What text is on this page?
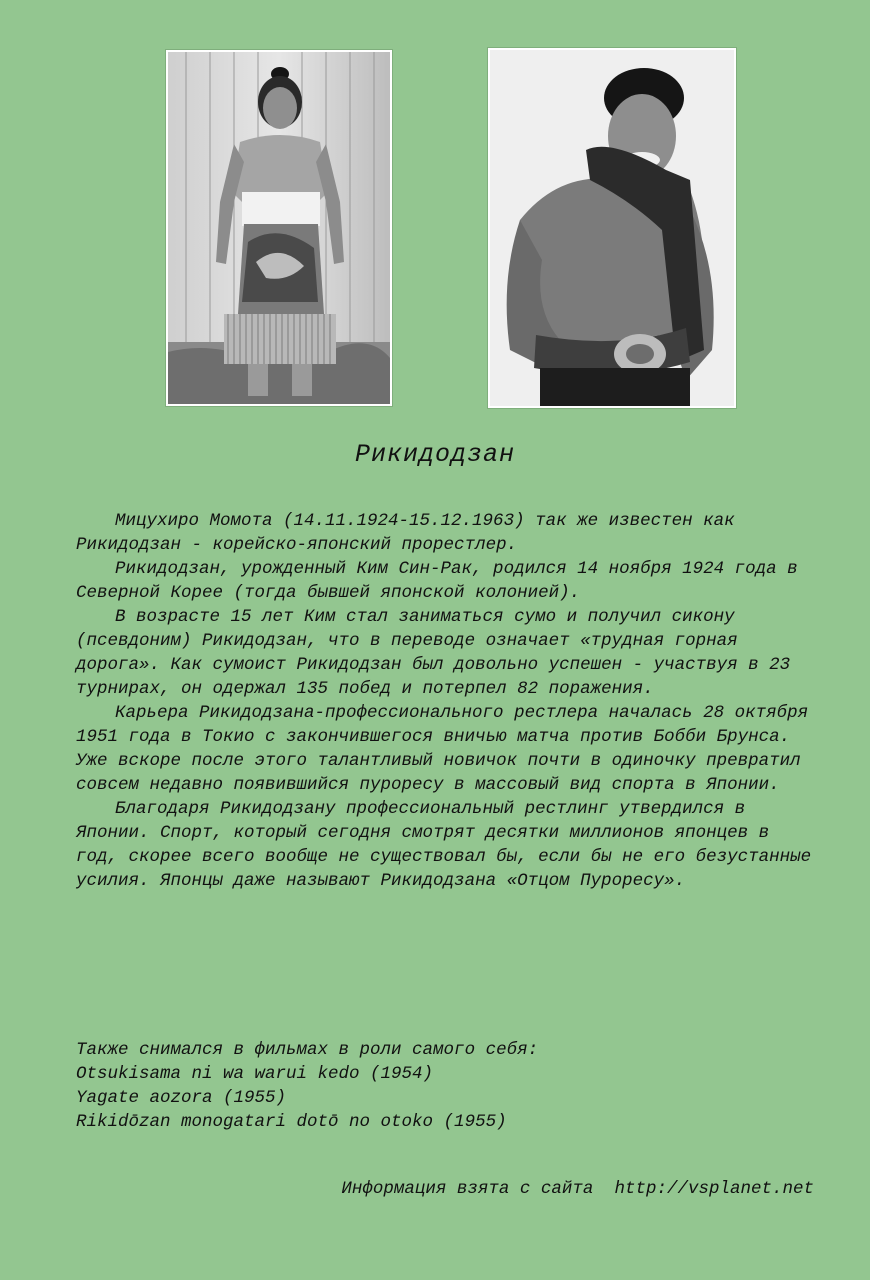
Рикидодзан

Мицухиро Момота (14.11.1924-15.12.1963) так же известен как Рикидодзан - корейско-японский прорестлер.

Рикидодзан, урожденный Ким Син-Рак, родился 14 ноября 1924 года в Северной Корее (тогда бывшей японской колонией).

В возрасте 15 лет Ким стал заниматься сумо и получил сикону (псевдоним) Рикидодзан, что в переводе означает «трудная горная дорога». Как сумоист Рикидодзан был довольно успешен - участвуя в 23 турнирах, он одержал 135 побед и потерпел 82 поражения.

Карьера Рикидодзана-профессионального рестлера началась 28 октября 1951 года в Токио с закончившегося вничью матча против Бобби Брунса. Уже вскоре после этого талантливый новичок почти в одиночку превратил совсем недавно появившийся пуроресу в массовый вид спорта в Японии.

Благодаря Рикидодзану профессиональный рестлинг утвердился в Японии. Спорт, который сегодня смотрят десятки миллионов японцев в год, скорее всего вообще не существовал бы, если бы не его безустанные усилия. Японцы даже называют Рикидодзана «Отцом Пуроресу».

Также снимался в фильмах в роли самого себя:
Otsukisama ni wa warui kedo (1954)
Yagate aozora (1955)
Rikidōzan monogatari dotō no otoko (1955)
Информация взята с сайта http://vsplanet.net
